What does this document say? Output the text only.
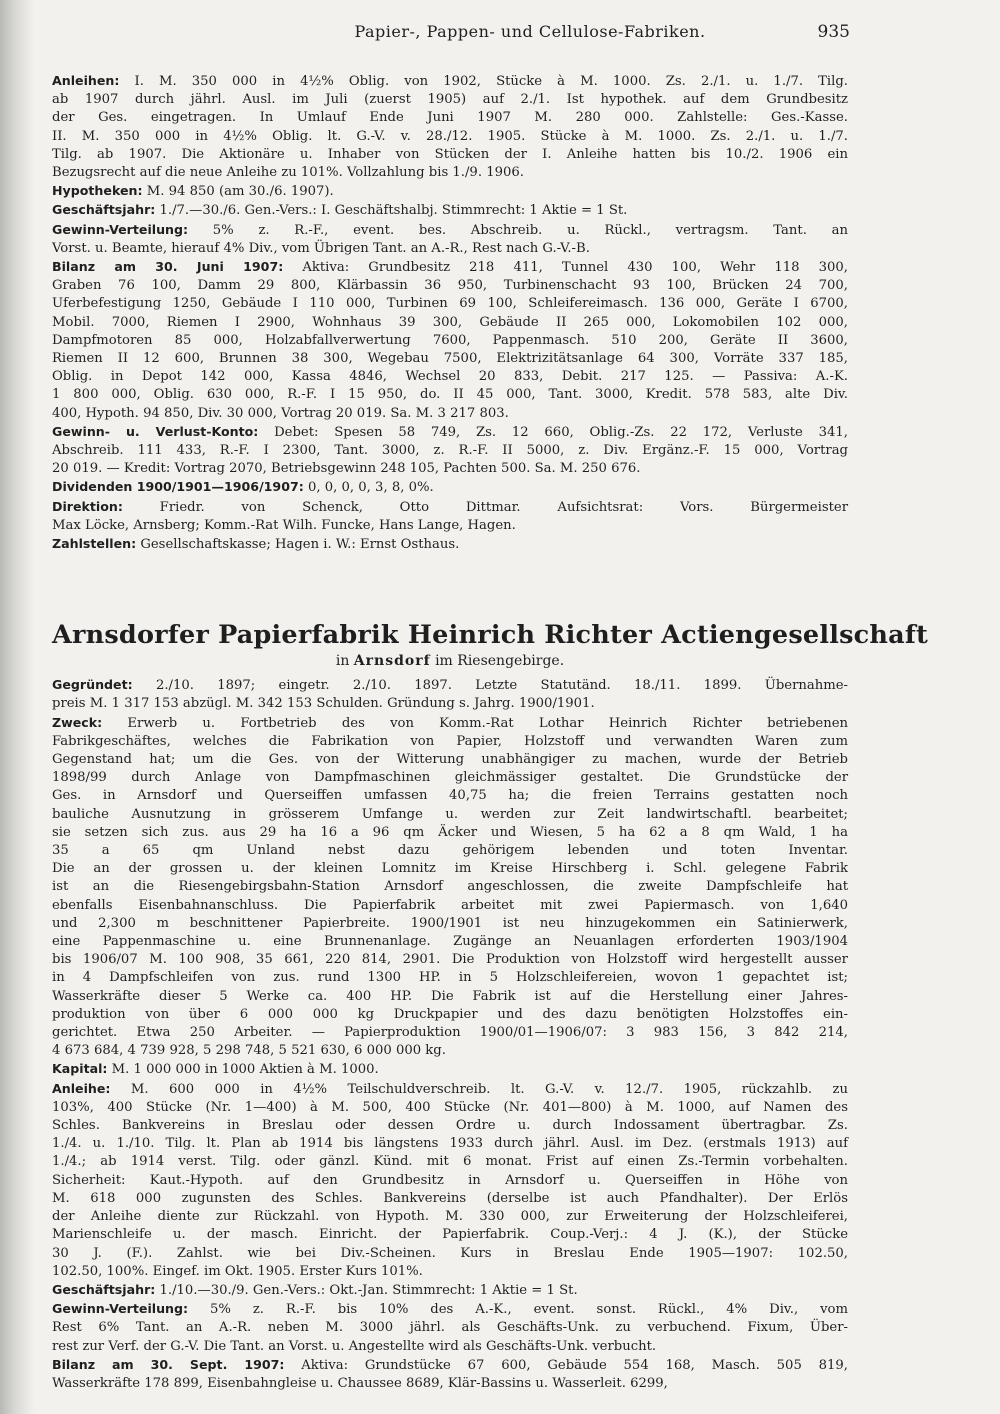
Papier-, Pappen- und Cellulose-Fabriken.	935

Anleihen: I. M. 350 000 in 4½% Oblig. von 1902, Stücke à M. 1000. Zs. 2./1. u. 1./7. Tilg.

ab 1907 durch jährl. Ausl. im Juli (zuerst 1905) auf 2./1. Ist hypothek. auf dem Grundbesitz

der Ges. eingetragen. In Umlauf Ende Juni 1907 M. 280 000. Zahlstelle: Ges.-Kasse.

II. M. 350 000 in 4½% Oblig. lt. G.-V. v. 28./12. 1905. Stücke à M. 1000. Zs. 2./1. u. 1./7.

Tilg. ab 1907. Die Aktionäre u. Inhaber von Stücken der I. Anleihe hatten bis 10./2. 1906 ein

Bezugsrecht auf die neue Anleihe zu 101%. Vollzahlung bis 1./9. 1906.

Hypotheken: M. 94 850 (am 30./6. 1907).

Geschäftsjahr: 1./7.—30./6. Gen.-Vers.: I. Geschäftshalbj. Stimmrecht: 1 Aktie = 1 St.

Gewinn-Verteilung: 5% z. R.-F., event. bes. Abschreib. u. Rückl., vertragsm. Tant. an

Vorst. u. Beamte, hierauf 4% Div., vom Übrigen Tant. an A.-R., Rest nach G.-V.-B.

Bilanz am 30. Juni 1907: Aktiva: Grundbesitz 218 411, Tunnel 430 100, Wehr 118 300,

Graben 76 100, Damm 29 800, Klärbassin 36 950, Turbinenschacht 93 100, Brücken 24 700,

Uferbefestigung 1250, Gebäude I 110 000, Turbinen 69 100, Schleifereimasch. 136 000, Geräte I 6700,

Mobil. 7000, Riemen I 2900, Wohnhaus 39 300, Gebäude II 265 000, Lokomobilen 102 000,

Dampfmotoren 85 000, Holzabfallverwertung 7600, Pappenmasch. 510 200, Geräte II 3600,

Riemen II 12 600, Brunnen 38 300, Wegebau 7500, Elektrizitätsanlage 64 300, Vorräte 337 185,

Oblig. in Depot 142 000, Kassa 4846, Wechsel 20 833, Debit. 217 125. — Passiva: A.-K.

1 800 000, Oblig. 630 000, R.-F. I 15 950, do. II 45 000, Tant. 3000, Kredit. 578 583, alte Div.

400, Hypoth. 94 850, Div. 30 000, Vortrag 20 019. Sa. M. 3 217 803.

Gewinn- u. Verlust-Konto: Debet: Spesen 58 749, Zs. 12 660, Oblig.-Zs. 22 172, Verluste 341,

Abschreib. 111 433, R.-F. I 2300, Tant. 3000, z. R.-F. II 5000, z. Div. Ergänz.-F. 15 000, Vortrag

20 019. — Kredit: Vortrag 2070, Betriebsgewinn 248 105, Pachten 500. Sa. M. 250 676.

Dividenden 1900/1901—1906/1907: 0, 0, 0, 0, 3, 8, 0%.

Direktion: Friedr. von Schenck, Otto Dittmar. Aufsichtsrat: Vors. Bürgermeister

Max Löcke, Arnsberg; Komm.-Rat Wilh. Funcke, Hans Lange, Hagen.

Zahlstellen: Gesellschaftskasse; Hagen i. W.: Ernst Osthaus.

Arnsdorfer Papierfabrik Heinrich Richter Actiengesellschaft

in Arnsdorf im Riesengebirge.

Gegründet: 2./10. 1897; eingetr. 2./10. 1897. Letzte Statutänd. 18./11. 1899. Übernahme-

preis M. 1 317 153 abzügl. M. 342 153 Schulden. Gründung s. Jahrg. 1900/1901.

Zweck: Erwerb u. Fortbetrieb des von Komm.-Rat Lothar Heinrich Richter betriebenen

Fabrikgeschäftes, welches die Fabrikation von Papier, Holzstoff und verwandten Waren zum

Gegenstand hat; um die Ges. von der Witterung unabhängiger zu machen, wurde der Betrieb

1898/99 durch Anlage von Dampfmaschinen gleichmässiger gestaltet. Die Grundstücke der

Ges. in Arnsdorf und Querseiffen umfassen 40,75 ha; die freien Terrains gestatten noch

bauliche Ausnutzung in grösserem Umfange u. werden zur Zeit landwirtschaftl. bearbeitet;

sie setzen sich zus. aus 29 ha 16 a 96 qm Äcker und Wiesen, 5 ha 62 a 8 qm Wald, 1 ha

35 a 65 qm Unland nebst dazu gehörigem lebenden und toten Inventar.

Die an der grossen u. der kleinen Lomnitz im Kreise Hirschberg i. Schl. gelegene Fabrik

ist an die Riesengebirgsbahn-Station Arnsdorf angeschlossen, die zweite Dampfschleife hat

ebenfalls Eisenbahnanschluss. Die Papierfabrik arbeitet mit zwei Papiermasch. von 1,640

und 2,300 m beschnittener Papierbreite. 1900/1901 ist neu hinzugekommen ein Satinierwerk,

eine Pappenmaschine u. eine Brunnenanlage. Zugänge an Neuanlagen erforderten 1903/1904

bis 1906/07 M. 100 908, 35 661, 220 814, 2901. Die Produktion von Holzstoff wird hergestellt ausser

in 4 Dampfschleifen von zus. rund 1300 HP. in 5 Holzschleifereien, wovon 1 gepachtet ist;

Wasserkräfte dieser 5 Werke ca. 400 HP. Die Fabrik ist auf die Herstellung einer Jahres-

produktion von über 6 000 000 kg Druckpapier und des dazu benötigten Holzstoffes ein-

gerichtet. Etwa 250 Arbeiter. — Papierproduktion 1900/01—1906/07: 3 983 156, 3 842 214,

4 673 684, 4 739 928, 5 298 748, 5 521 630, 6 000 000 kg.

Kapital: M. 1 000 000 in 1000 Aktien à M. 1000.

Anleihe: M. 600 000 in 4½% Teilschuldverschreib. lt. G.-V. v. 12./7. 1905, rückzahlb. zu

103%, 400 Stücke (Nr. 1—400) à M. 500, 400 Stücke (Nr. 401—800) à M. 1000, auf Namen des

Schles. Bankvereins in Breslau oder dessen Ordre u. durch Indossament übertragbar. Zs.

1./4. u. 1./10. Tilg. lt. Plan ab 1914 bis längstens 1933 durch jährl. Ausl. im Dez. (erstmals 1913) auf

1./4.; ab 1914 verst. Tilg. oder gänzl. Künd. mit 6 monat. Frist auf einen Zs.-Termin vorbehalten.

Sicherheit: Kaut.-Hypoth. auf den Grundbesitz in Arnsdorf u. Querseiffen in Höhe von

M. 618 000 zugunsten des Schles. Bankvereins (derselbe ist auch Pfandhalter). Der Erlös

der Anleihe diente zur Rückzahl. von Hypoth. M. 330 000, zur Erweiterung der Holzschleiferei,

Marienschleife u. der masch. Einricht. der Papierfabrik. Coup.-Verj.: 4 J. (K.), der Stücke

30 J. (F.). Zahlst. wie bei Div.-Scheinen. Kurs in Breslau Ende 1905—1907: 102.50,

102.50, 100%. Eingef. im Okt. 1905. Erster Kurs 101%.

Geschäftsjahr: 1./10.—30./9. Gen.-Vers.: Okt.-Jan. Stimmrecht: 1 Aktie = 1 St.

Gewinn-Verteilung: 5% z. R.-F. bis 10% des A.-K., event. sonst. Rückl., 4% Div., vom

Rest 6% Tant. an A.-R. neben M. 3000 jährl. als Geschäfts-Unk. zu verbuchend. Fixum, Über-

rest zur Verf. der G.-V. Die Tant. an Vorst. u. Angestellte wird als Geschäfts-Unk. verbucht.

Bilanz am 30. Sept. 1907: Aktiva: Grundstücke 67 600, Gebäude 554 168, Masch. 505 819,

Wasserkräfte 178 899, Eisenbahngleise u. Chaussee 8689, Klär-Bassins u. Wasserleit. 6299,
